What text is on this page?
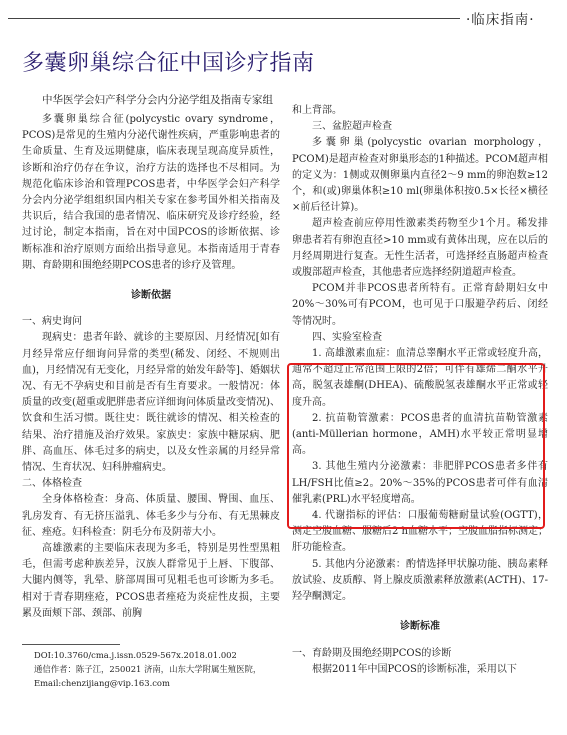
·临床指南·
多囊卵巢综合征中国诊疗指南
中华医学会妇产科学分会内分泌学组及指南专家组

多囊卵巢综合征(polycystic ovary syndrome，PCOS)是常见的生殖内分泌代谢性疾病，严重影响患者的生命质量、生育及远期健康，临床表现呈现高度异质性，诊断和治疗仍存在争议，治疗方法的选择也不尽相同。为规范化临床诊治和管理PCOS患者，中华医学会妇产科学分会内分泌学组组织国内相关专家在参考国外相关指南及共识后，结合我国的患者情况、临床研究及诊疗经验，经过讨论，制定本指南，旨在对中国PCOS的诊断依据、诊断标准和治疗原则方面给出指导意见。本指南适用于青春期、育龄期和围绝经期PCOS患者的诊疗及管理。

诊断依据

一、病史询问

现病史：患者年龄、就诊的主要原因、月经情况[如有月经异常应仔细询问异常的类型(稀发、闭经、不规则出血)，月经情况有无变化，月经异常的始发年龄等]、婚姻状况、有无不孕病史和目前是否有生育要求。一般情况：体质量的改变(超重或肥胖患者应详细询问体质量改变情况)、饮食和生活习惯。既往史：既往就诊的情况、相关检查的结果、治疗措施及治疗效果。家族史：家族中糖尿病、肥胖、高血压、体毛过多的病史，以及女性亲属的月经异常情况、生育状况、妇科肿瘤病史。

二、体格检查

全身体格检查：身高、体质量、腰围、臀围、血压、乳房发育、有无挤压溢乳、体毛多少与分布、有无黑棘皮征、痤疮。妇科检查：阴毛分布及阴蒂大小。

高雄激素的主要临床表现为多毛，特别是男性型黑粗毛，但需考虑种族差异，汉族人群常见于上唇、下腹部、大腿内侧等，乳晕、脐部周围可见粗毛也可诊断为多毛。相对于青春期痤疮，PCOS患者痤疮为炎症性皮损，主要累及面颊下部、颈部、前胸

和上背部。

三、盆腔超声检查

多囊卵巢(polycystic ovarian morphology，PCOM)是超声检查对卵巢形态的1种描述。PCOM超声相的定义为：1侧或双侧卵巢内直径2～9 mm的卵泡数≥12个，和(或)卵巢体积≥10 ml(卵巢体积按0.5×长径×横径×前后径计算)。

超声检查前应停用性激素类药物至少1个月。稀发排卵患者若有卵泡直径>10 mm或有黄体出现，应在以后的月经周期进行复查。无性生活者，可选择经直肠超声检查或腹部超声检查，其他患者应选择经阴道超声检查。

PCOM并非PCOS患者所特有。正常育龄期妇女中20%～30%可有PCOM，也可见于口服避孕药后、闭经等情况时。

四、实验室检查

1. 高雄激素血症：血清总睾酮水平正常或轻度升高，通常不超过正常范围上限的2倍；可伴有雄烯二酮水平升高，脱氢表雄酮(DHEA)、硫酸脱氢表雄酮水平正常或轻度升高。

2. 抗苗勒管激素：PCOS患者的血清抗苗勒管激素(anti-Müllerian hormone，AMH)水平较正常明显增高。

3. 其他生殖内分泌激素：非肥胖PCOS患者多伴有LH/FSH比值≥2。20%～35%的PCOS患者可伴有血清催乳素(PRL)水平轻度增高。

4. 代谢指标的评估：口服葡萄糖耐量试验(OGTT)，测定空腹血糖、服糖后2 h血糖水平；空腹血脂指标测定；肝功能检查。

5. 其他内分泌激素：酌情选择甲状腺功能、胰岛素释放试验、皮质醇、肾上腺皮质激素释放激素(ACTH)、17-羟孕酮测定。

诊断标准

一、育龄期及围绝经期PCOS的诊断

根据2011年中国PCOS的诊断标准，采用以下

DOI:10.3760/cma.j.issn.0529-567x.2018.01.002
通信作者：陈子江，250021 济南，山东大学附属生殖医院，
Email:chenzijiang@vip.163.com
